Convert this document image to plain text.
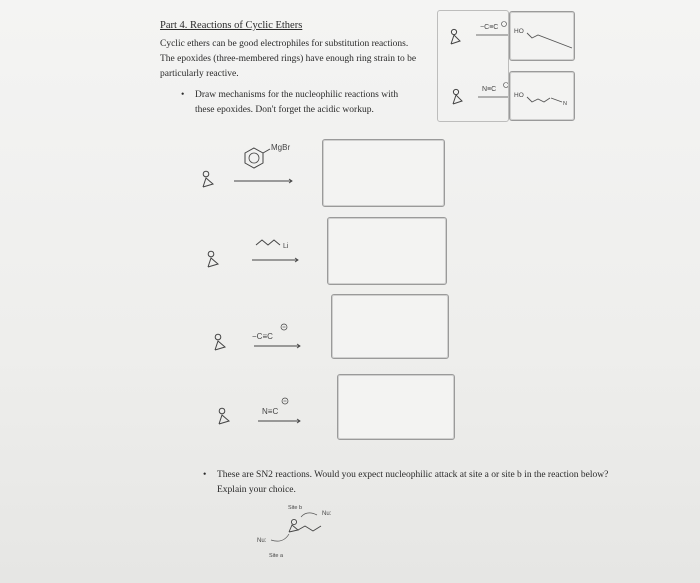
Part 4. Reactions of Cyclic Ethers
Cyclic ethers can be good electrophiles for substitution reactions. The epoxides (three-membered rings) have enough ring strain to be particularly reactive.
• Draw mechanisms for the nucleophilic reactions with these epoxides. Don't forget the acidic workup.
−C≡C
HO
N≡C
HO
N
MgBr
Li
−C≡C
N≡C
• These are SN2 reactions. Would you expect nucleophilic attack at site a or site b in the reaction below? Explain your choice.
Site b
Nu:
Nu:
Site a
